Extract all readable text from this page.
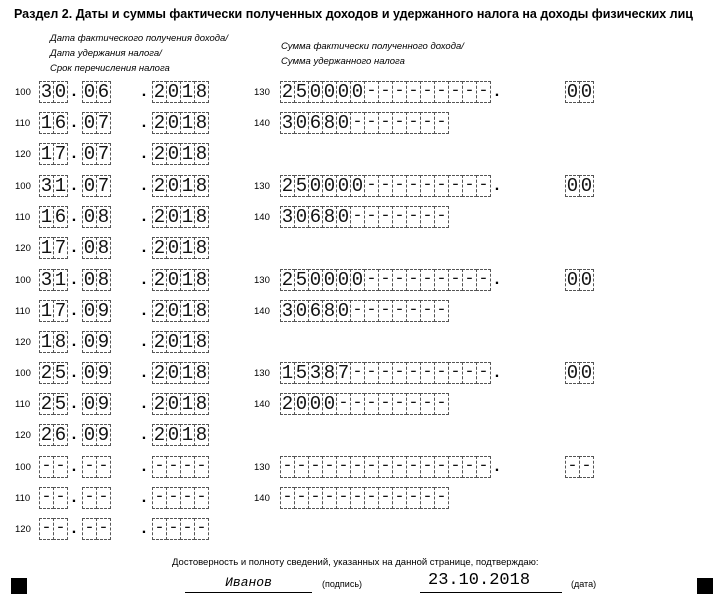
Раздел 2. Даты и суммы фактически полученных доходов и удержанного налога на доходы физических лиц
Дата фактического получения дохода/
Дата удержания налога/
Срок перечисления налога
Сумма фактически полученного дохода/
Сумма удержанного налога
100 3 0 . 0 6 . 2 0 1 8
110 1 6 . 0 7 . 2 0 1 8
120 1 7 . 0 7 . 2 0 1 8
130 2 5 0 0 0 0 - - - - - - - - - .	0 0
140 3 0 6 8 0 - - - - - - -
100 3 1 . 0 7 . 2 0 1 8
110 1 6 . 0 8 . 2 0 1 8
120 1 7 . 0 8 . 2 0 1 8
130 2 5 0 0 0 0 - - - - - - - - - .	0 0
140 3 0 6 8 0 - - - - - - -
100 3 1 . 0 8 . 2 0 1 8
110 1 7 . 0 9 . 2 0 1 8
120 1 8 . 0 9 . 2 0 1 8
130 2 5 0 0 0 0 - - - - - - - - - .	0 0
140 3 0 6 8 0 - - - - - - -
100 2 5 . 0 9 . 2 0 1 8
110 2 5 . 0 9 . 2 0 1 8
120 2 6 . 0 9 . 2 0 1 8
130 1 5 3 8 7 - - - - - - - - - - .	0 0
140 2 0 0 0 - - - - - - - -
100 - - . - - . - - - -
110 - - . - - . - - - -
120 - - . - - . - - - -
130 - - - - - - - - - - - - - - - .	- -
140 - - - - - - - - - - - -
Достоверность и полноту сведений, указанных на данной странице, подтверждаю:
Иванов	(подпись)	23.10.2018	(дата)
